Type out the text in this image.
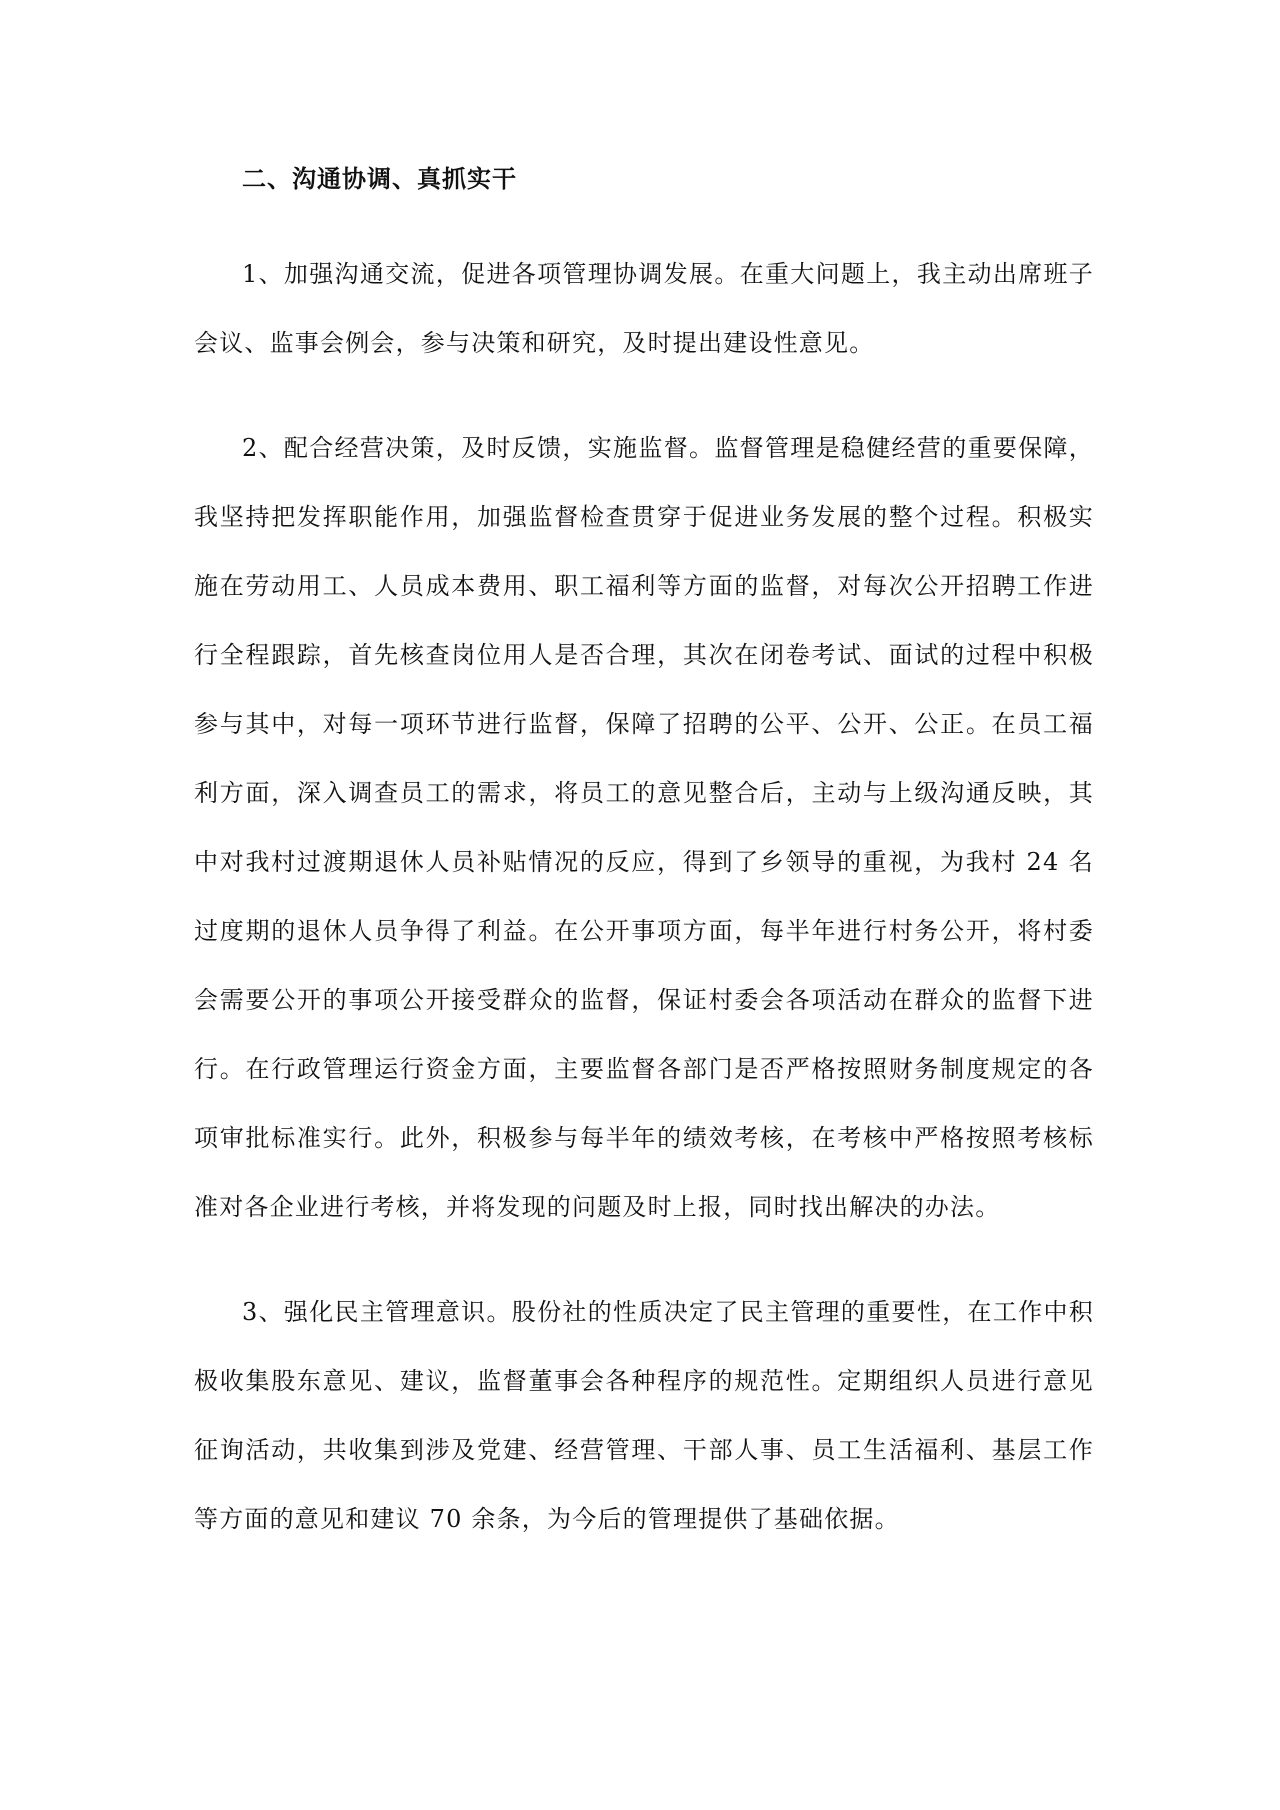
二、沟通协调、真抓实干

1、加强沟通交流，促进各项管理协调发展。在重大问题上，我主动出席班子会议、监事会例会，参与决策和研究，及时提出建设性意见。

2、配合经营决策，及时反馈，实施监督。监督管理是稳健经营的重要保障，我坚持把发挥职能作用，加强监督检查贯穿于促进业务发展的整个过程。积极实施在劳动用工、人员成本费用、职工福利等方面的监督，对每次公开招聘工作进行全程跟踪，首先核查岗位用人是否合理，其次在闭卷考试、面试的过程中积极参与其中，对每一项环节进行监督，保障了招聘的公平、公开、公正。在员工福利方面，深入调查员工的需求，将员工的意见整合后，主动与上级沟通反映，其中对我村过渡期退休人员补贴情况的反应，得到了乡领导的重视，为我村 24 名过度期的退休人员争得了利益。在公开事项方面，每半年进行村务公开，将村委会需要公开的事项公开接受群众的监督，保证村委会各项活动在群众的监督下进行。在行政管理运行资金方面，主要监督各部门是否严格按照财务制度规定的各项审批标准实行。此外，积极参与每半年的绩效考核，在考核中严格按照考核标准对各企业进行考核，并将发现的问题及时上报，同时找出解决的办法。

3、强化民主管理意识。股份社的性质决定了民主管理的重要性，在工作中积极收集股东意见、建议，监督董事会各种程序的规范性。定期组织人员进行意见征询活动，共收集到涉及党建、经营管理、干部人事、员工生活福利、基层工作等方面的意见和建议 70 余条，为今后的管理提供了基础依据。
